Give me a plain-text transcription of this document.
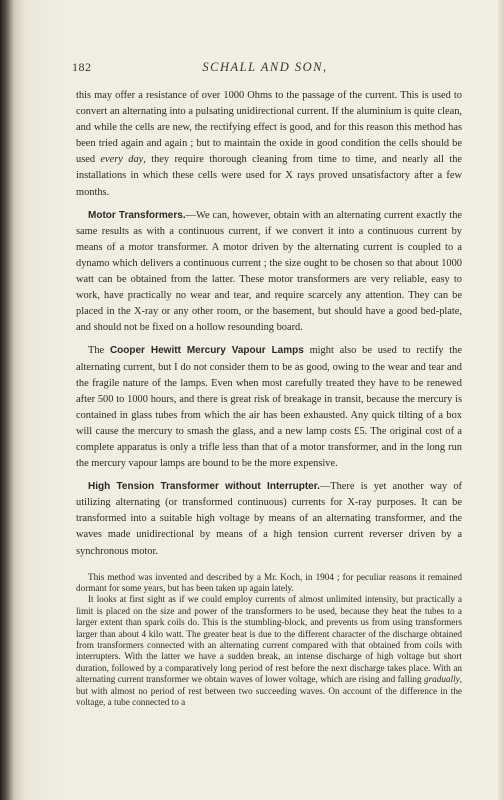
182	SCHALL AND SON,

this may offer a resistance of over 1000 Ohms to the passage of the current. This is used to convert an alternating into a pulsating unidirectional current. If the aluminium is quite clean, and while the cells are new, the rectifying effect is good, and for this reason this method has been tried again and again ; but to maintain the oxide in good condition the cells should be used every day, they require thorough cleaning from time to time, and nearly all the installations in which these cells were used for X rays proved unsatisfactory after a few months.

Motor Transformers.—We can, however, obtain with an alternating current exactly the same results as with a continuous current, if we convert it into a continuous current by means of a motor transformer. A motor driven by the alternating current is coupled to a dynamo which delivers a continuous current ; the size ought to be chosen so that about 1000 watt can be obtained from the latter. These motor transformers are very reliable, easy to work, have practically no wear and tear, and require scarcely any attention. They can be placed in the X-ray or any other room, or the basement, but should have a good bed-plate, and should not be fixed on a hollow resounding board.

The Cooper Hewitt Mercury Vapour Lamps might also be used to rectify the alternating current, but I do not consider them to be as good, owing to the wear and tear and the fragile nature of the lamps. Even when most carefully treated they have to be renewed after 500 to 1000 hours, and there is great risk of breakage in transit, because the mercury is contained in glass tubes from which the air has been exhausted. Any quick tilting of a box will cause the mercury to smash the glass, and a new lamp costs £5. The original cost of a complete apparatus is only a trifle less than that of a motor transformer, and in the long run the mercury vapour lamps are bound to be the more expensive.

High Tension Transformer without Interrupter.—There is yet another way of utilizing alternating (or transformed continuous) currents for X-ray purposes. It can be transformed into a suitable high voltage by means of an alternating transformer, and the waves made unidirectional by means of a high tension current reverser driven by a synchronous motor.

This method was invented and described by a Mr. Koch, in 1904 ; for peculiar reasons it remained dormant for some years, but has been taken up again lately.

It looks at first sight as if we could employ currents of almost unlimited intensity, but practically a limit is placed on the size and power of the transformers to be used, because they heat the tubes to a larger extent than spark coils do. This is the stumbling-block, and prevents us from using transformers larger than about 4 kilo watt. The greater heat is due to the different character of the discharge obtained from transformers connected with an alternating current compared with that obtained from coils with interrupters. With the latter we have a sudden break, an intense discharge of high voltage but short duration, followed by a comparatively long period of rest before the next discharge takes place. With an alternating current transformer we obtain waves of lower voltage, which are rising and falling gradually, but with almost no period of rest between two succeeding waves. On account of the difference in the voltage, a tube connected to a
